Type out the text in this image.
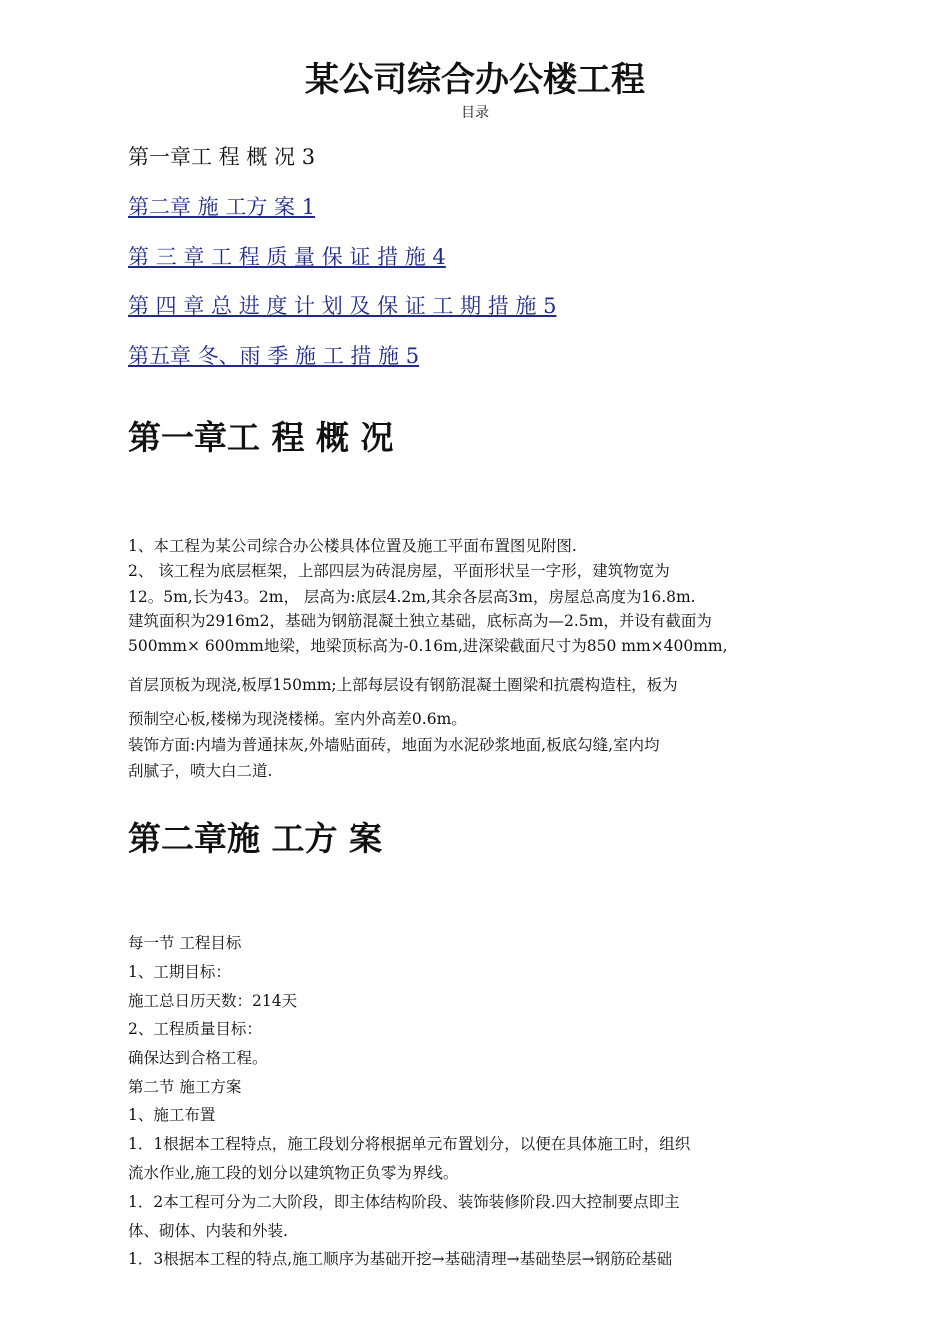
某公司综合办公楼工程
目录
第一章工 程 概 况 3
第二章 施 工方 案 1
第 三 章 工 程 质 量 保 证 措 施 4
第 四 章 总 进 度 计 划 及 保 证 工 期 措 施 5
第五章 冬、雨 季 施 工 措 施 5
第一章工 程 概 况
1、本工程为某公司综合办公楼具体位置及施工平面布置图见附图.
2、 该工程为底层框架，上部四层为砖混房屋，平面形状呈一字形，建筑物宽为
12。5m,长为43。2m， 层高为:底层4.2m,其余各层高3m，房屋总高度为16.8m.
建筑面积为2916m2，基础为钢筋混凝土独立基础，底标高为—2.5m，并设有截面为
500mm× 600mm地梁，地梁顶标高为-0.16m,进深梁截面尺寸为850 mm×400mm,
首层顶板为现浇,板厚150mm;上部每层设有钢筋混凝土圈梁和抗震构造柱，板为
预制空心板,楼梯为现浇楼梯。室内外高差0.6m。
装饰方面:内墙为普通抹灰,外墙贴面砖，地面为水泥砂浆地面,板底勾缝,室内均
刮腻子，喷大白二道.
第二章施 工方 案
每一节 工程目标
1、工期目标：
施工总日历天数：214天
2、工程质量目标：
确保达到合格工程。
第二节 施工方案
1、施工布置
1．1根据本工程特点，施工段划分将根据单元布置划分，以便在具体施工时，组织
流水作业,施工段的划分以建筑物正负零为界线。
1．2本工程可分为二大阶段，即主体结构阶段、装饰装修阶段.四大控制要点即主
体、砌体、内装和外装.
1．3根据本工程的特点,施工顺序为基础开挖→基础清理→基础垫层→钢筋砼基础
